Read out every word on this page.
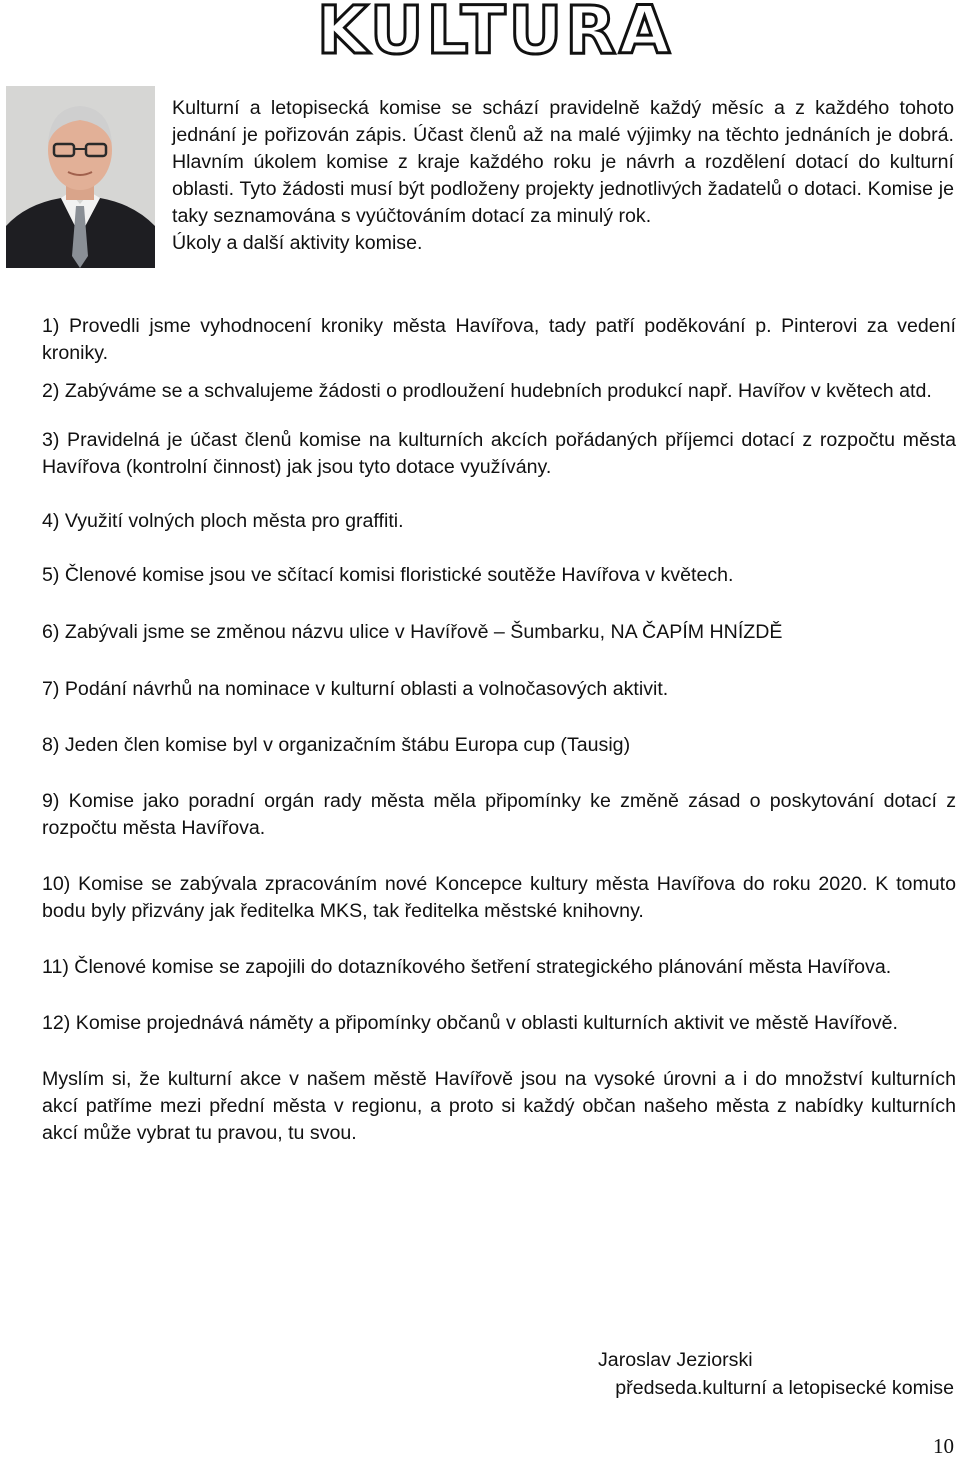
KULTURA
Kulturní a letopisecká komise se schází pravidelně každý měsíc a z každého tohoto jednání je pořizován zápis. Účast členů až na malé výjimky na těchto jednáních je dobrá. Hlavním úkolem komise z kraje každého roku je návrh a rozdělení dotací do kulturní oblasti. Tyto žádosti musí být podloženy projekty jednotlivých žadatelů o dotaci. Komise je taky seznamována s vyúčtováním dotací za minulý rok.
Úkoly a další aktivity komise.

1) Provedli jsme vyhodnocení kroniky města Havířova, tady patří poděkování p. Pinterovi za vedení kroniky.

2) Zabýváme se a schvalujeme žádosti o prodloužení hudebních produkcí např. Havířov v květech atd.

3) Pravidelná je účast členů komise na kulturních akcích pořádaných příjemci dotací z rozpočtu města Havířova (kontrolní činnost) jak jsou tyto dotace využívány.

4) Využití volných ploch města pro graffiti.

5) Členové komise jsou ve sčítací komisi floristické soutěže Havířova v květech.

6) Zabývali jsme se změnou názvu ulice v Havířově – Šumbarku, NA ČAPÍM HNÍZDĚ

7) Podání návrhů na nominace v kulturní oblasti a volnočasových aktivit.

8) Jeden člen komise byl v organizačním štábu Europa cup (Tausig)

9) Komise jako poradní orgán rady města měla připomínky ke změně zásad o poskytování dotací z rozpočtu města Havířova.

10) Komise se zabývala zpracováním nové Koncepce kultury města Havířova do roku 2020. K tomuto bodu byly přizvány jak ředitelka MKS, tak ředitelka městské knihovny.

11) Členové komise se zapojili do dotazníkového šetření strategického plánování města Havířova.

12) Komise projednává náměty a připomínky občanů v oblasti kulturních aktivit ve městě Havířově.

Myslím si, že kulturní akce v našem městě Havířově jsou na vysoké úrovni a i do množství kulturních akcí patříme mezi přední města v regionu, a proto si každý občan našeho města z nabídky kulturních akcí může vybrat tu pravou, tu svou.

Jaroslav Jeziorski
předseda.kulturní a letopisecké komise
10
